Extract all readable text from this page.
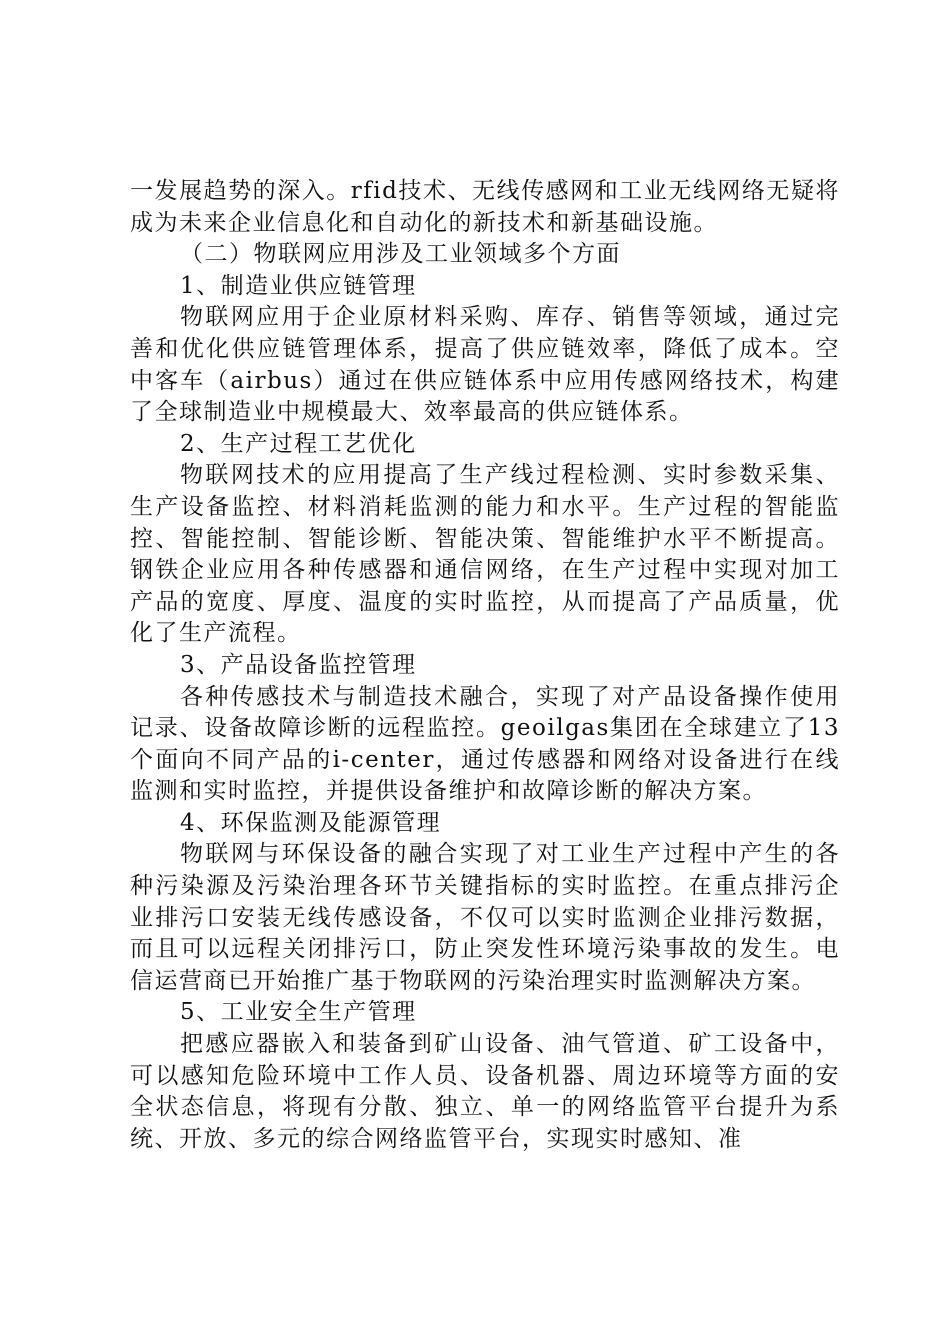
一发展趋势的深入。rfid技术、无线传感网和工业无线网络无疑将成为未来企业信息化和自动化的新技术和新基础设施。

（二）物联网应用涉及工业领域多个方面

1、制造业供应链管理

物联网应用于企业原材料采购、库存、销售等领域，通过完善和优化供应链管理体系，提高了供应链效率，降低了成本。空中客车（airbus）通过在供应链体系中应用传感网络技术，构建了全球制造业中规模最大、效率最高的供应链体系。

2、生产过程工艺优化

物联网技术的应用提高了生产线过程检测、实时参数采集、生产设备监控、材料消耗监测的能力和水平。生产过程的智能监控、智能控制、智能诊断、智能决策、智能维护水平不断提高。钢铁企业应用各种传感器和通信网络，在生产过程中实现对加工产品的宽度、厚度、温度的实时监控，从而提高了产品质量，优化了生产流程。

3、产品设备监控管理

各种传感技术与制造技术融合，实现了对产品设备操作使用记录、设备故障诊断的远程监控。geoilgas集团在全球建立了13个面向不同产品的i-center，通过传感器和网络对设备进行在线监测和实时监控，并提供设备维护和故障诊断的解决方案。

4、环保监测及能源管理

物联网与环保设备的融合实现了对工业生产过程中产生的各种污染源及污染治理各环节关键指标的实时监控。在重点排污企业排污口安装无线传感设备，不仅可以实时监测企业排污数据，而且可以远程关闭排污口，防止突发性环境污染事故的发生。电信运营商已开始推广基于物联网的污染治理实时监测解决方案。

5、工业安全生产管理

把感应器嵌入和装备到矿山设备、油气管道、矿工设备中，可以感知危险环境中工作人员、设备机器、周边环境等方面的安全状态信息，将现有分散、独立、单一的网络监管平台提升为系统、开放、多元的综合网络监管平台，实现实时感知、准
